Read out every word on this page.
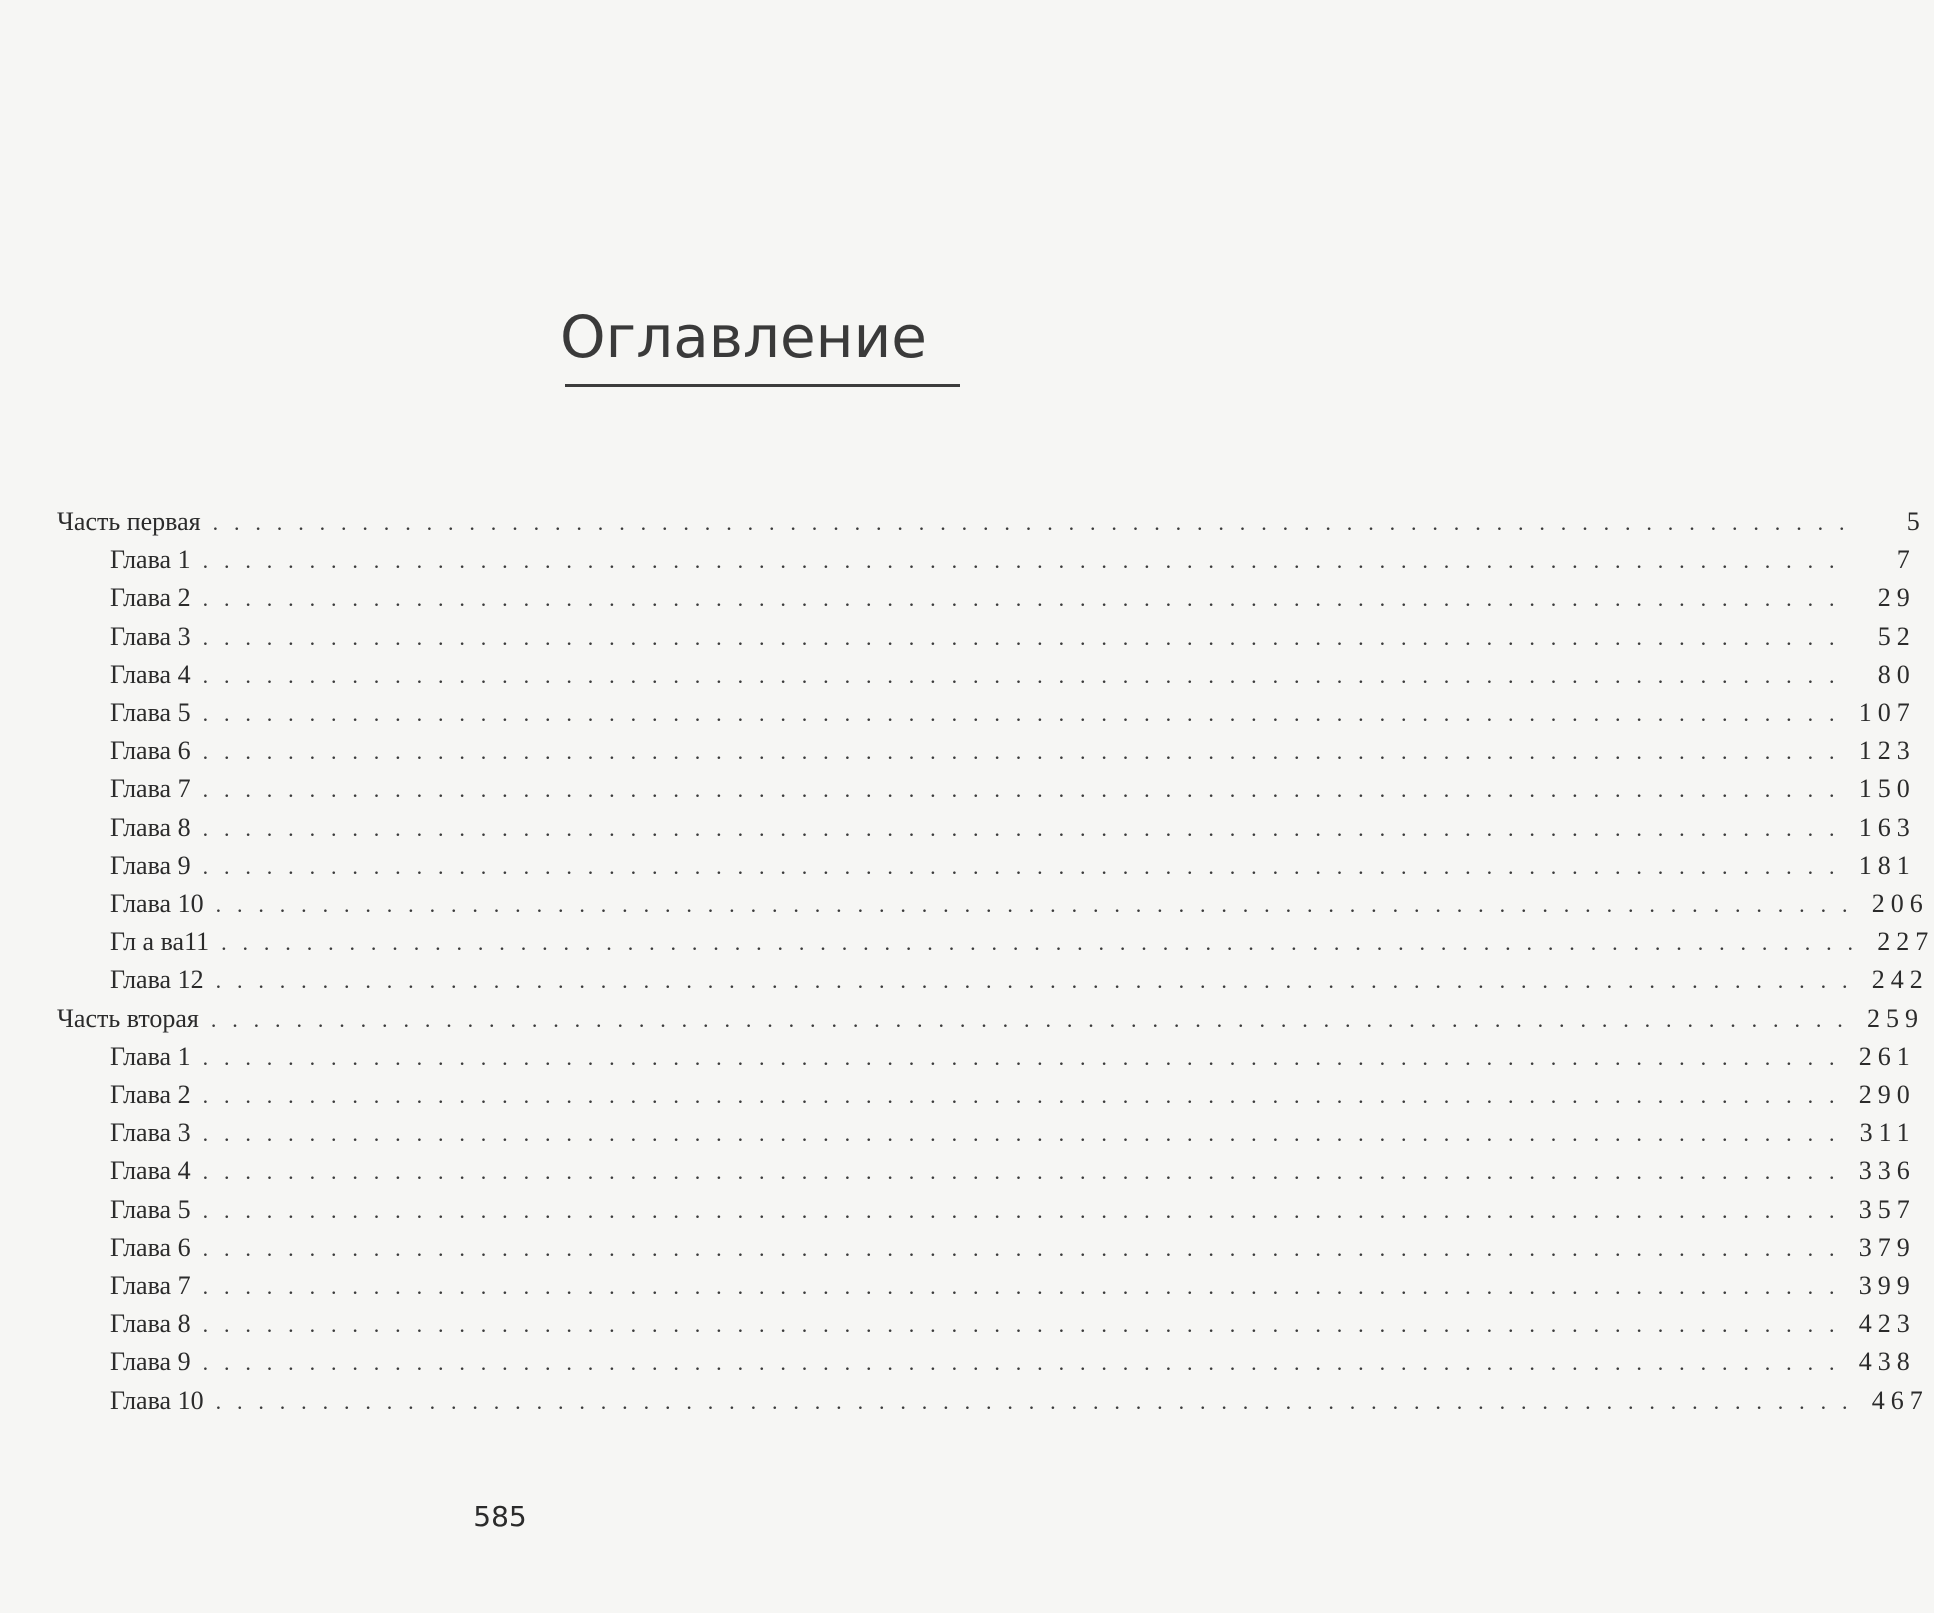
Оглавление
Часть первая . . . . . . . . . . . . . . . . . . . . . . . . . . . . . . . . . . . . . . . . . . . . . . . . . . . . . . . . . . . . . . . . . . . . . . . . . . . . .	5
Глава 1 . . . . . . . . . . . . . . . . . . . . . . . . . . . . . . . . . . . . . . . . . . . . . . . . . . . . . . . . . . . . . . . . . . . . . . . . . . . . .	7
Глава 2 . . . . . . . . . . . . . . . . . . . . . . . . . . . . . . . . . . . . . . . . . . . . . . . . . . . . . . . . . . . . . . . . . . . . . . . . . . . . .	29
Глава 3 . . . . . . . . . . . . . . . . . . . . . . . . . . . . . . . . . . . . . . . . . . . . . . . . . . . . . . . . . . . . . . . . . . . . . . . . . . . . .	52
Глава 4 . . . . . . . . . . . . . . . . . . . . . . . . . . . . . . . . . . . . . . . . . . . . . . . . . . . . . . . . . . . . . . . . . . . . . . . . . . . . .	80
Глава 5 . . . . . . . . . . . . . . . . . . . . . . . . . . . . . . . . . . . . . . . . . . . . . . . . . . . . . . . . . . . . . . . . . . . . . . . . . . . . . 107
Глава 6 . . . . . . . . . . . . . . . . . . . . . . . . . . . . . . . . . . . . . . . . . . . . . . . . . . . . . . . . . . . . . . . . . . . . . . . . . . . . . 123
Глава 7 . . . . . . . . . . . . . . . . . . . . . . . . . . . . . . . . . . . . . . . . . . . . . . . . . . . . . . . . . . . . . . . . . . . . . . . . . . . . . 150
Глава 8 . . . . . . . . . . . . . . . . . . . . . . . . . . . . . . . . . . . . . . . . . . . . . . . . . . . . . . . . . . . . . . . . . . . . . . . . . . . . . 163
Глава 9 . . . . . . . . . . . . . . . . . . . . . . . . . . . . . . . . . . . . . . . . . . . . . . . . . . . . . . . . . . . . . . . . . . . . . . . . . . . . . 181
Глава 10 . . . . . . . . . . . . . . . . . . . . . . . . . . . . . . . . . . . . . . . . . . . . . . . . . . . . . . . . . . . . . . . . . . . . . . . . . . . . . 206
Гл а ва11 . . . . . . . . . . . . . . . . . . . . . . . . . . . . . . . . . . . . . . . . . . . . . . . . . . . . . . . . . . . . . . . . . . . . . . . . . . . . . 227
Глава 12 . . . . . . . . . . . . . . . . . . . . . . . . . . . . . . . . . . . . . . . . . . . . . . . . . . . . . . . . . . . . . . . . . . . . . . . . . . . . . 242
Часть вторая . . . . . . . . . . . . . . . . . . . . . . . . . . . . . . . . . . . . . . . . . . . . . . . . . . . . . . . . . . . . . . . . . . . . . . . . . . . . . 259
Глава 1 . . . . . . . . . . . . . . . . . . . . . . . . . . . . . . . . . . . . . . . . . . . . . . . . . . . . . . . . . . . . . . . . . . . . . . . . . . . . . 261
Глава 2 . . . . . . . . . . . . . . . . . . . . . . . . . . . . . . . . . . . . . . . . . . . . . . . . . . . . . . . . . . . . . . . . . . . . . . . . . . . . . 290
Глава 3 . . . . . . . . . . . . . . . . . . . . . . . . . . . . . . . . . . . . . . . . . . . . . . . . . . . . . . . . . . . . . . . . . . . . . . . . . . . . . 311
Глава 4 . . . . . . . . . . . . . . . . . . . . . . . . . . . . . . . . . . . . . . . . . . . . . . . . . . . . . . . . . . . . . . . . . . . . . . . . . . . . . 336
Глава 5 . . . . . . . . . . . . . . . . . . . . . . . . . . . . . . . . . . . . . . . . . . . . . . . . . . . . . . . . . . . . . . . . . . . . . . . . . . . . . 357
Глава 6 . . . . . . . . . . . . . . . . . . . . . . . . . . . . . . . . . . . . . . . . . . . . . . . . . . . . . . . . . . . . . . . . . . . . . . . . . . . . . 379
Глава 7 . . . . . . . . . . . . . . . . . . . . . . . . . . . . . . . . . . . . . . . . . . . . . . . . . . . . . . . . . . . . . . . . . . . . . . . . . . . . . 399
Глава 8 . . . . . . . . . . . . . . . . . . . . . . . . . . . . . . . . . . . . . . . . . . . . . . . . . . . . . . . . . . . . . . . . . . . . . . . . . . . . . 423
Глава 9 . . . . . . . . . . . . . . . . . . . . . . . . . . . . . . . . . . . . . . . . . . . . . . . . . . . . . . . . . . . . . . . . . . . . . . . . . . . . . 438
Глава 10 . . . . . . . . . . . . . . . . . . . . . . . . . . . . . . . . . . . . . . . . . . . . . . . . . . . . . . . . . . . . . . . . . . . . . . . . . . . . . 467
585
